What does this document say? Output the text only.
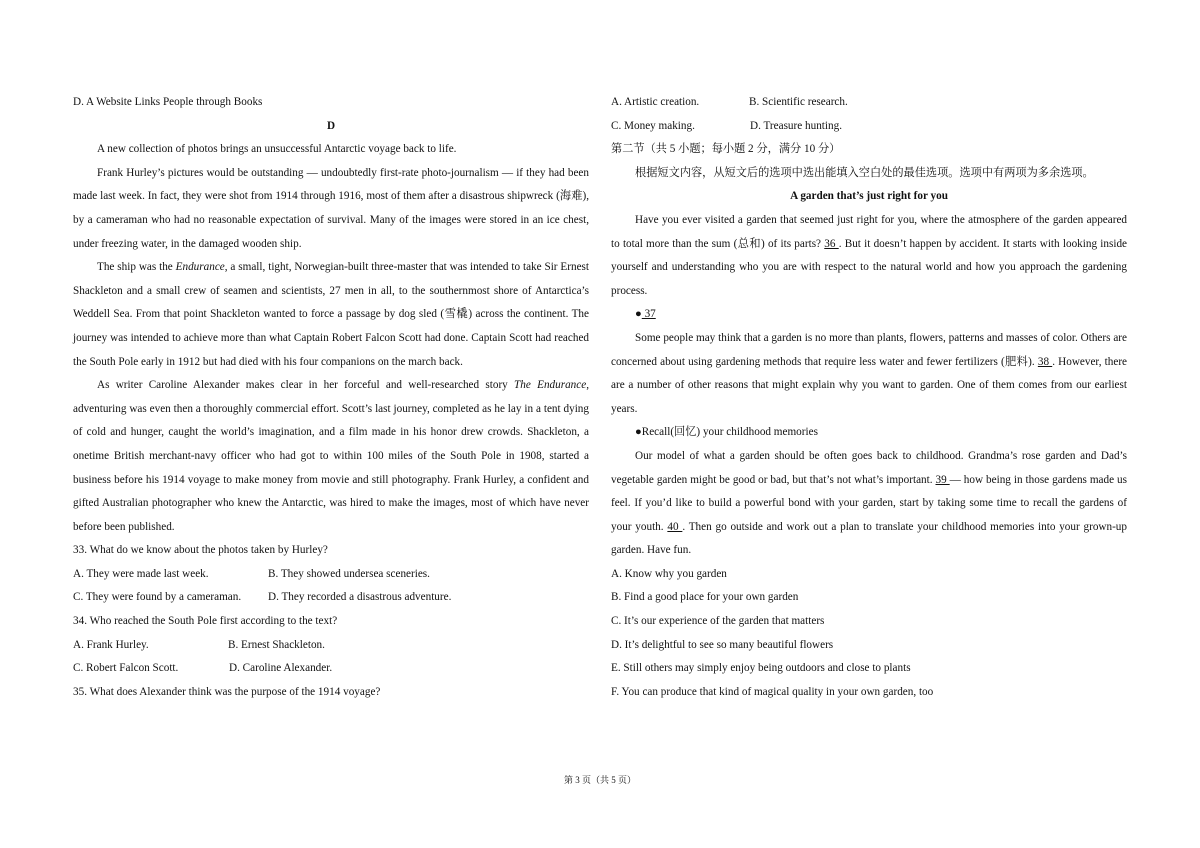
D. A Website Links People through Books

D

A new collection of photos brings an unsuccessful Antarctic voyage back to life.

Frank Hurley’s pictures would be outstanding — undoubtedly first-rate photo-journalism — if they had been made last week. In fact, they were shot from 1914 through 1916, most of them after a disastrous shipwreck (海难), by a cameraman who had no reasonable expectation of survival. Many of the images were stored in an ice chest, under freezing water, in the damaged wooden ship.

The ship was the Endurance, a small, tight, Norwegian-built three-master that was intended to take Sir Ernest Shackleton and a small crew of seamen and scientists, 27 men in all, to the southernmost shore of Antarctica’s Weddell Sea. From that point Shackleton wanted to force a passage by dog sled (雪橇) across the continent. The journey was intended to achieve more than what Captain Robert Falcon Scott had done. Captain Scott had reached the South Pole early in 1912 but had died with his four companions on the march back.

As writer Caroline Alexander makes clear in her forceful and well-researched story The Endurance, adventuring was even then a thoroughly commercial effort. Scott’s last journey, completed as he lay in a tent dying of cold and hunger, caught the world’s imagination, and a film made in his honor drew crowds. Shackleton, a onetime British merchant-navy officer who had got to within 100 miles of the South Pole in 1908, started a business before his 1914 voyage to make money from movie and still photography. Frank Hurley, a confident and gifted Australian photographer who knew the Antarctic, was hired to make the images, most of which have never before been published.

33. What do we know about the photos taken by Hurley?

A. They were made last week.	B. They showed undersea sceneries.
C. They were found by a cameraman.	D. They recorded a disastrous adventure.

34. Who reached the South Pole first according to the text?

A. Frank Hurley.	B. Ernest Shackleton.
C. Robert Falcon Scott.	D. Caroline Alexander.

35. What does Alexander think was the purpose of the 1914 voyage?

A. Artistic creation.	B. Scientific research.
C. Money making.	D. Treasure hunting.

第二节（共 5 小题；每小题 2 分，满分 10 分）

根据短文内容，从短文后的选项中选出能填入空白处的最佳选项。选项中有两项为多余选项。

A garden that’s just right for you

Have you ever visited a garden that seemed just right for you, where the atmosphere of the garden appeared to total more than the sum (总和) of its parts? 36 . But it doesn’t happen by accident. It starts with looking inside yourself and understanding who you are with respect to the natural world and how you approach the gardening process.

● 37

Some people may think that a garden is no more than plants, flowers, patterns and masses of color. Others are concerned about using gardening methods that require less water and fewer fertilizers (肥料). 38 . However, there are a number of other reasons that might explain why you want to garden. One of them comes from our earliest years.

●Recall(回忆) your childhood memories

Our model of what a garden should be often goes back to childhood. Grandma’s rose garden and Dad’s vegetable garden might be good or bad, but that’s not what’s important. 39 — how being in those gardens made us feel. If you’d like to build a powerful bond with your garden, start by taking some time to recall the gardens of your youth. 40 . Then go outside and work out a plan to translate your childhood memories into your grown-up garden. Have fun.

A. Know why you garden

B. Find a good place for your own garden

C. It’s our experience of the garden that matters

D. It’s delightful to see so many beautiful flowers

E. Still others may simply enjoy being outdoors and close to plants

F. You can produce that kind of magical quality in your own garden, too

第 3 页（共 5 页）
